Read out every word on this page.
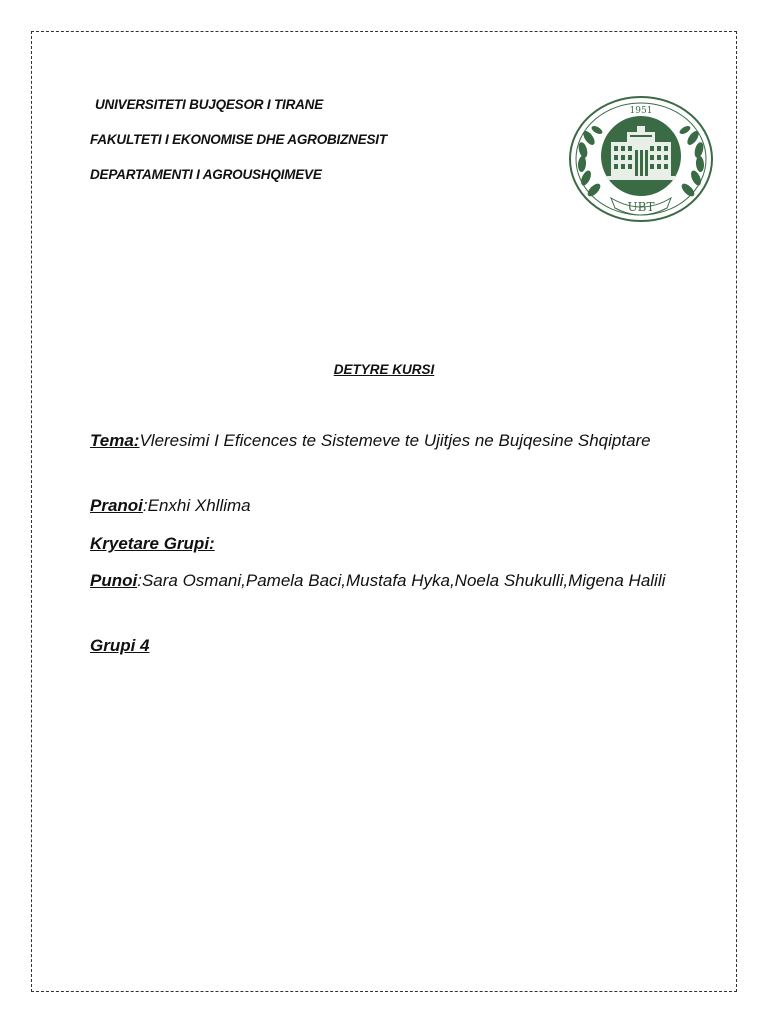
UNIVERSITETI BUJQESOR I TIRANE
FAKULTETI I EKONOMISE DHE AGROBIZNESIT
DEPARTAMENTI I AGROUSHQIMEVE
1951
UBT
DETYRE KURSI
Tema:Vleresimi I Eficences te Sistemeve te Ujitjes ne Bujqesine Shqiptare
Pranoi:Enxhi Xhllima
Kryetare Grupi:
Punoi:Sara Osmani,Pamela Baci,Mustafa Hyka,Noela Shukulli,Migena Halili
Grupi 4
